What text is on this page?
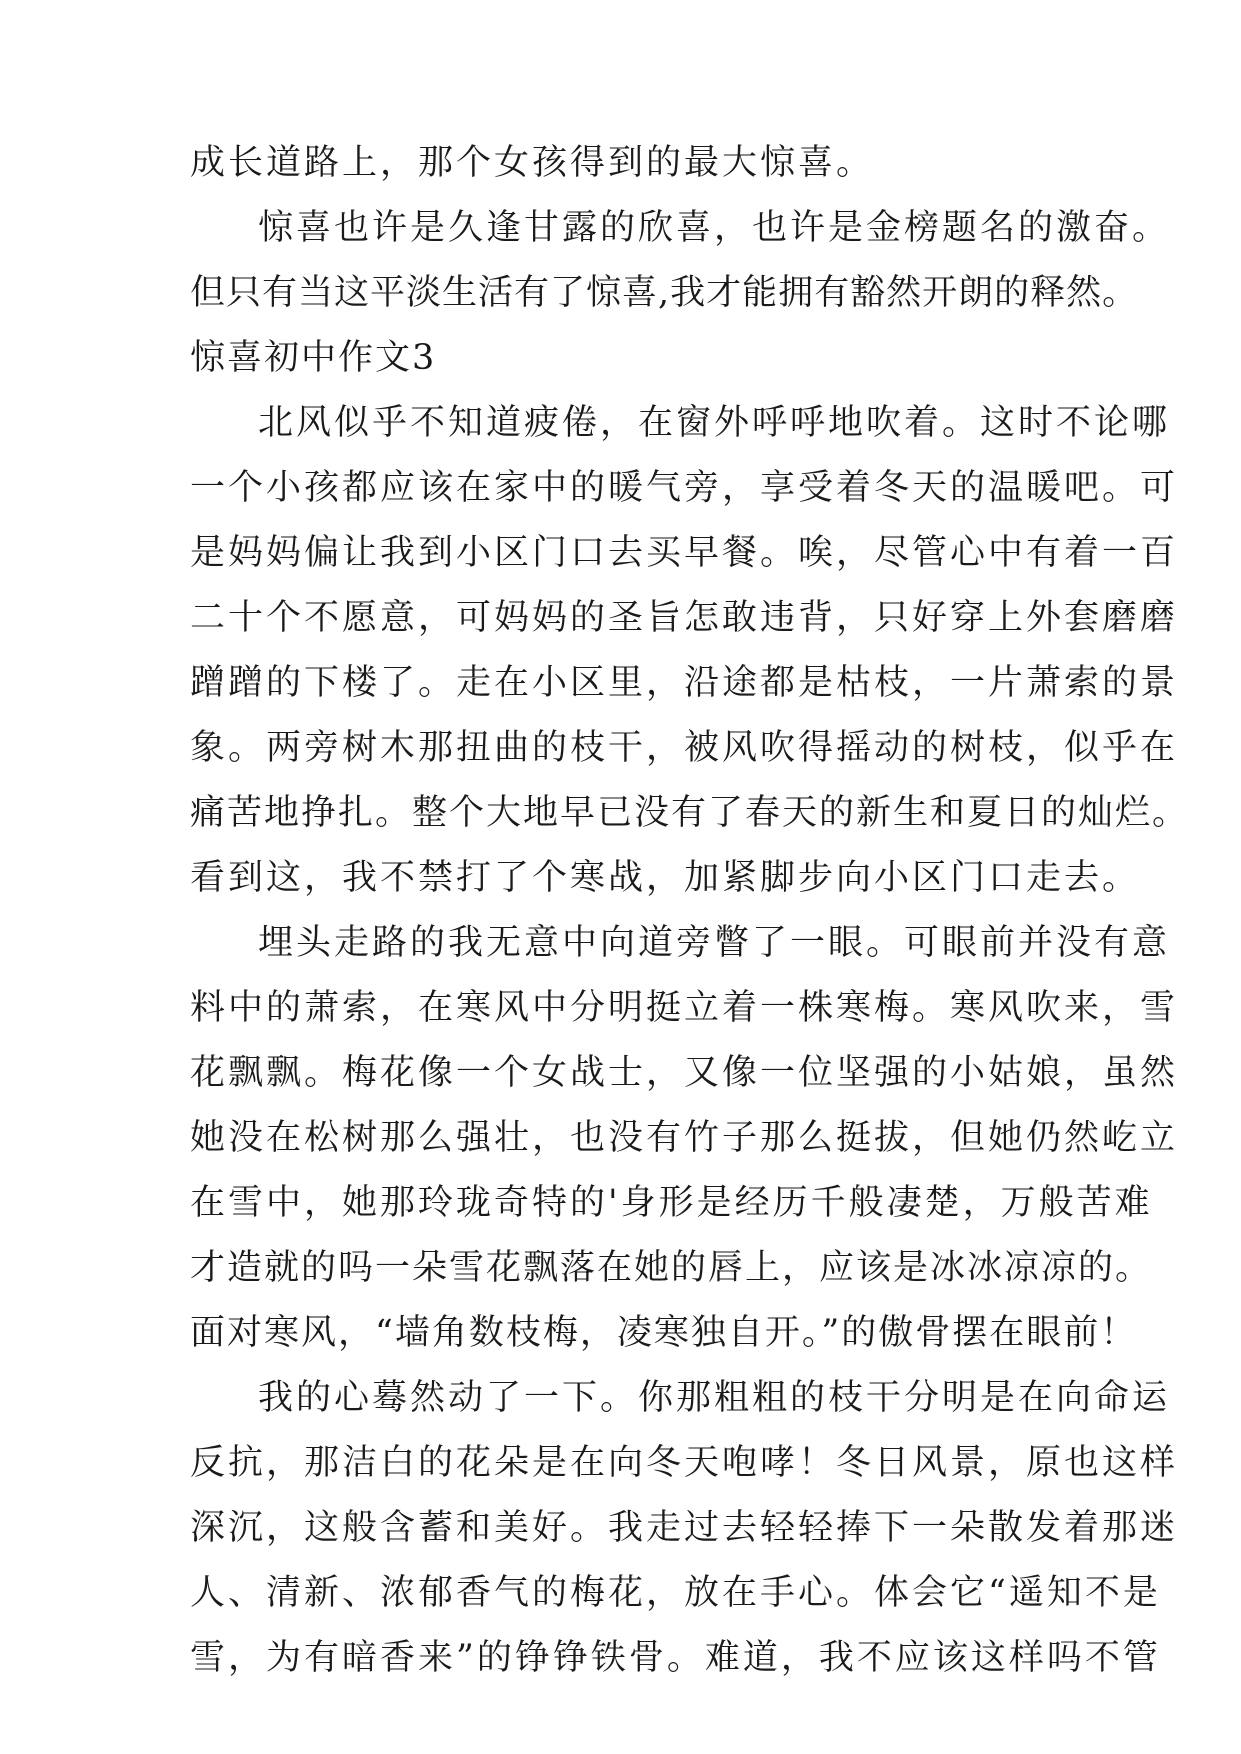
成长道路上，那个女孩得到的最大惊喜。
惊喜也许是久逢甘露的欣喜，也许是金榜题名的激奋。
但只有当这平淡生活有了惊喜,我才能拥有豁然开朗的释然。
惊喜初中作文3
北风似乎不知道疲倦，在窗外呼呼地吹着。这时不论哪
一个小孩都应该在家中的暖气旁，享受着冬天的温暖吧。可
是妈妈偏让我到小区门口去买早餐。唉，尽管心中有着一百
二十个不愿意，可妈妈的圣旨怎敢违背，只好穿上外套磨磨
蹭蹭的下楼了。走在小区里，沿途都是枯枝，一片萧索的景
象。两旁树木那扭曲的枝干，被风吹得摇动的树枝，似乎在
痛苦地挣扎。整个大地早已没有了春天的新生和夏日的灿烂。
看到这，我不禁打了个寒战，加紧脚步向小区门口走去。
埋头走路的我无意中向道旁瞥了一眼。可眼前并没有意
料中的萧索，在寒风中分明挺立着一株寒梅。寒风吹来，雪
花飘飘。梅花像一个女战士，又像一位坚强的小姑娘，虽然
她没在松树那么强壮，也没有竹子那么挺拔，但她仍然屹立
在雪中，她那玲珑奇特的'身形是经历千般凄楚，万般苦难
才造就的吗一朵雪花飘落在她的唇上，应该是冰冰凉凉的。
面对寒风，“墙角数枝梅，凌寒独自开。”的傲骨摆在眼前！
我的心蓦然动了一下。你那粗粗的枝干分明是在向命运
反抗，那洁白的花朵是在向冬天咆哮！冬日风景，原也这样
深沉，这般含蓄和美好。我走过去轻轻捧下一朵散发着那迷
人、清新、浓郁香气的梅花，放在手心。体会它“遥知不是
雪，为有暗香来”的铮铮铁骨。难道，我不应该这样吗不管
